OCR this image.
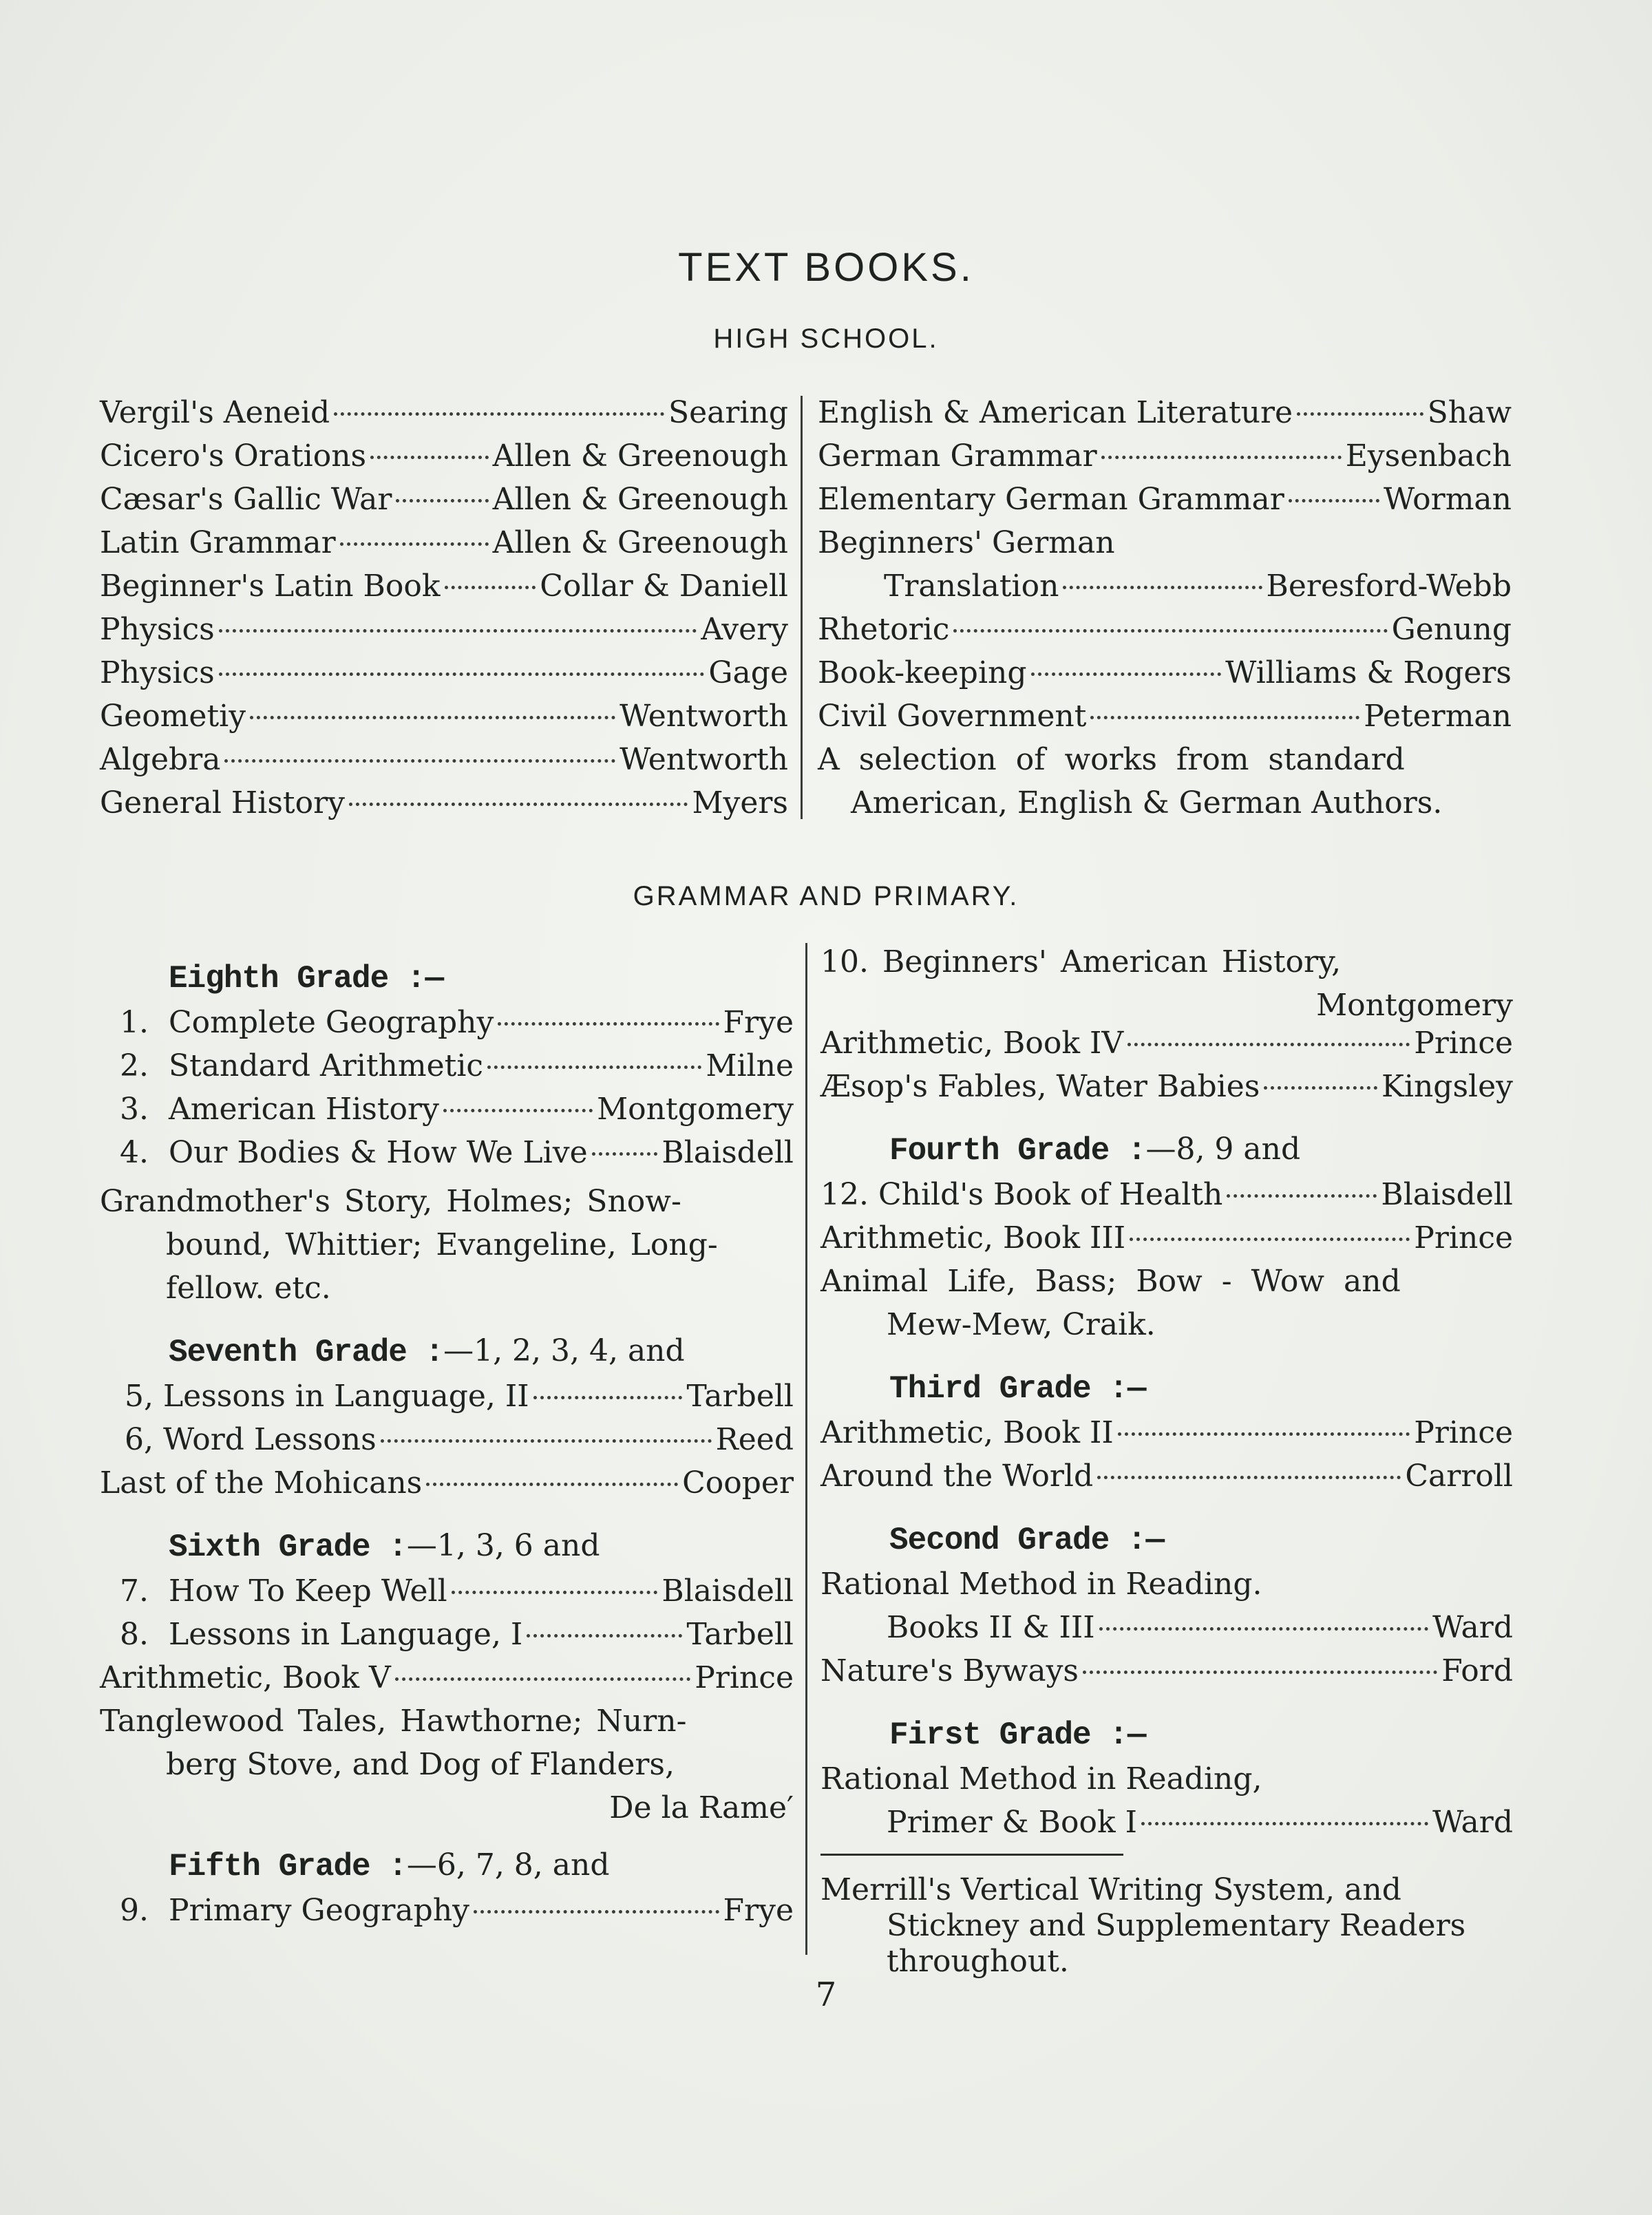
TEXT BOOKS.
HIGH SCHOOL.
Vergil's Aeneid	Searing
Cicero's Orations	Allen & Greenough
Cæsar's Gallic War	Allen & Greenough
Latin Grammar	Allen & Greenough
Beginner's Latin Book	Collar & Daniell
Physics	Avery
Physics	Gage
Geometiy	Wentworth
Algebra	Wentworth
General History	Myers
English & American Literature	Shaw
German Grammar	Eysenbach
Elementary German Grammar	Worman
Beginners' German
Translation	Beresford-Webb
Rhetoric	Genung
Book-keeping	Williams & Rogers
Civil Government	Peterman
A selection of works from standard
American, English & German Authors.
GRAMMAR AND PRIMARY.
Eighth Grade :—
1. Complete Geography	Frye
2. Standard Arithmetic	Milne
3. American History	Montgomery
4. Our Bodies & How We Live Blaisdell
Grandmother's Story, Holmes; Snow-
bound, Whittier; Evangeline, Long-
fellow. etc.
Seventh Grade :—1, 2, 3, 4, and
5, Lessons in Language, II	Tarbell
6, Word Lessons	Reed
Last of the Mohicans	Cooper
Sixth Grade :—1, 3, 6 and
7. How To Keep Well	Blaisdell
8. Lessons in Language, I	Tarbell
Arithmetic, Book V	Prince
Tanglewood Tales, Hawthorne; Nurn-
berg Stove, and Dog of Flanders,
De la Rame′
Fifth Grade :—6, 7, 8, and
9. Primary Geography	Frye
10. Beginners' American History,
Montgomery
Arithmetic, Book IV	Prince
Æsop's Fables, Water Babies	Kingsley
Fourth Grade :—8, 9 and
12. Child's Book of Health	Blaisdell
Arithmetic, Book III	Prince
Animal Life, Bass; Bow - Wow and
Mew-Mew, Craik.
Third Grade :—
Arithmetic, Book II	Prince
Around the World	Carroll
Second Grade :—
Rational Method in Reading.
Books II & III	Ward
Nature's Byways	Ford
First Grade :—
Rational Method in Reading,
Primer & Book I	Ward
Merrill's Vertical Writing System, and
Stickney and Supplementary Readers
throughout.
7
